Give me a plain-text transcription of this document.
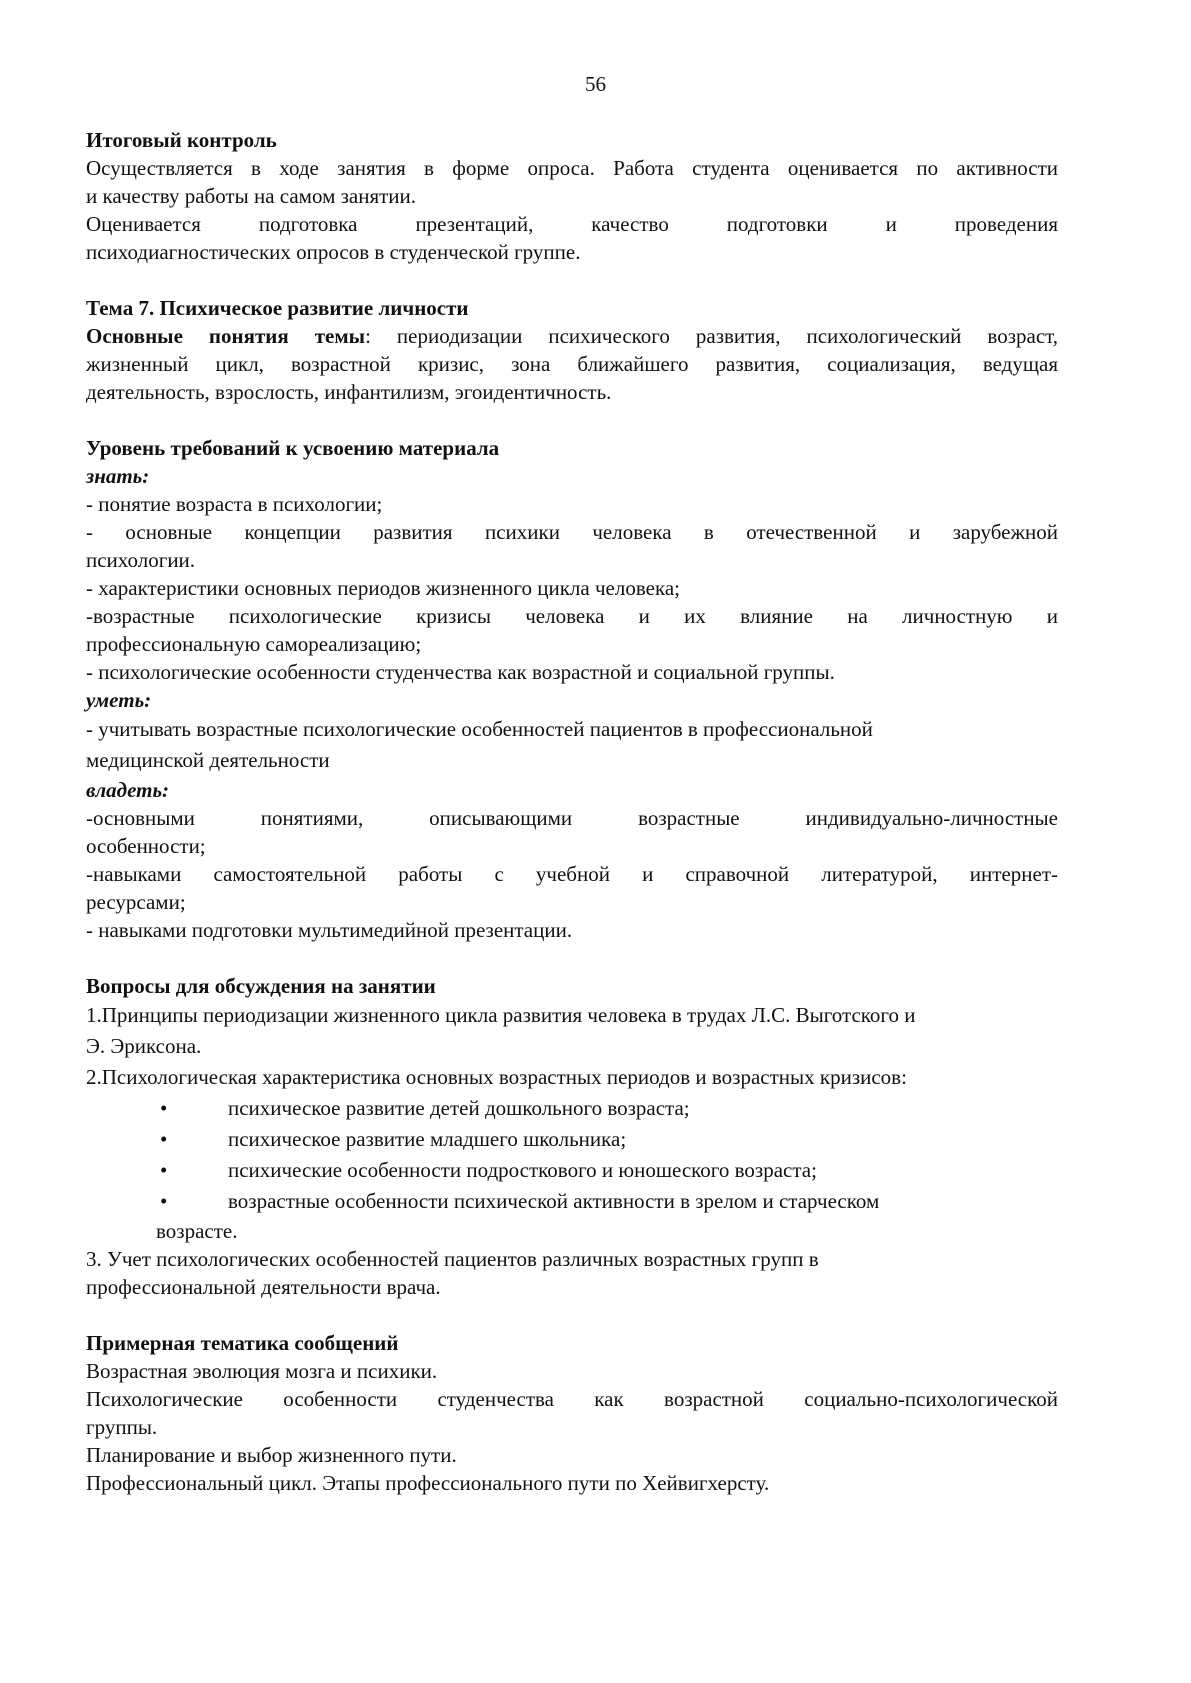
56
Итоговый контроль

Осуществляется в ходе занятия в форме опроса. Работа студента оценивается по активности

и качеству работы на самом занятии.

Оценивается подготовка презентаций, качество подготовки и проведения

психодиагностических опросов в студенческой группе.

Тема 7. Психическое развитие личности

Основные понятия темы: периодизации психического развития, психологический возраст,

жизненный цикл, возрастной кризис, зона ближайшего развития, социализация, ведущая

деятельность, взрослость, инфантилизм, эгоидентичность.

Уровень требований к усвоению материала
знать:

- понятие возраста в психологии;

- основные концепции развития психики человека в отечественной и зарубежной

психологии.

- характеристики основных периодов жизненного цикла человека;

-возрастные психологические кризисы человека и их влияние на личностную и

профессиональную самореализацию;

- психологические особенности студенчества как возрастной и социальной группы.

уметь:

- учитывать возрастные психологические особенностей пациентов в профессиональной

медицинской деятельности

владеть:

-основными понятиями, описывающими возрастные индивидуально-личностные

особенности;

-навыками самостоятельной работы с учебной и справочной литературой, интернет-

ресурсами;

- навыками подготовки мультимедийной презентации.

Вопросы для обсуждения на занятии

1.Принципы периодизации жизненного цикла развития человека в трудах Л.С. Выготского и

Э. Эриксона.

2.Психологическая характеристика основных возрастных периодов и возрастных кризисов:

•	психическое развитие детей дошкольного возраста;
•	психическое развитие младшего школьника;
•	психические особенности подросткового и юношеского возраста;
•	возрастные особенности психической активности в зрелом и старческом
возрасте.

3. Учет психологических особенностей пациентов различных возрастных групп в

профессиональной деятельности врача.

Примерная тематика сообщений

Возрастная эволюция мозга и психики.

Психологические особенности студенчества как возрастной социально-психологической

группы.

Планирование и выбор жизненного пути.

Профессиональный цикл. Этапы профессионального пути по Хейвигхерсту.
